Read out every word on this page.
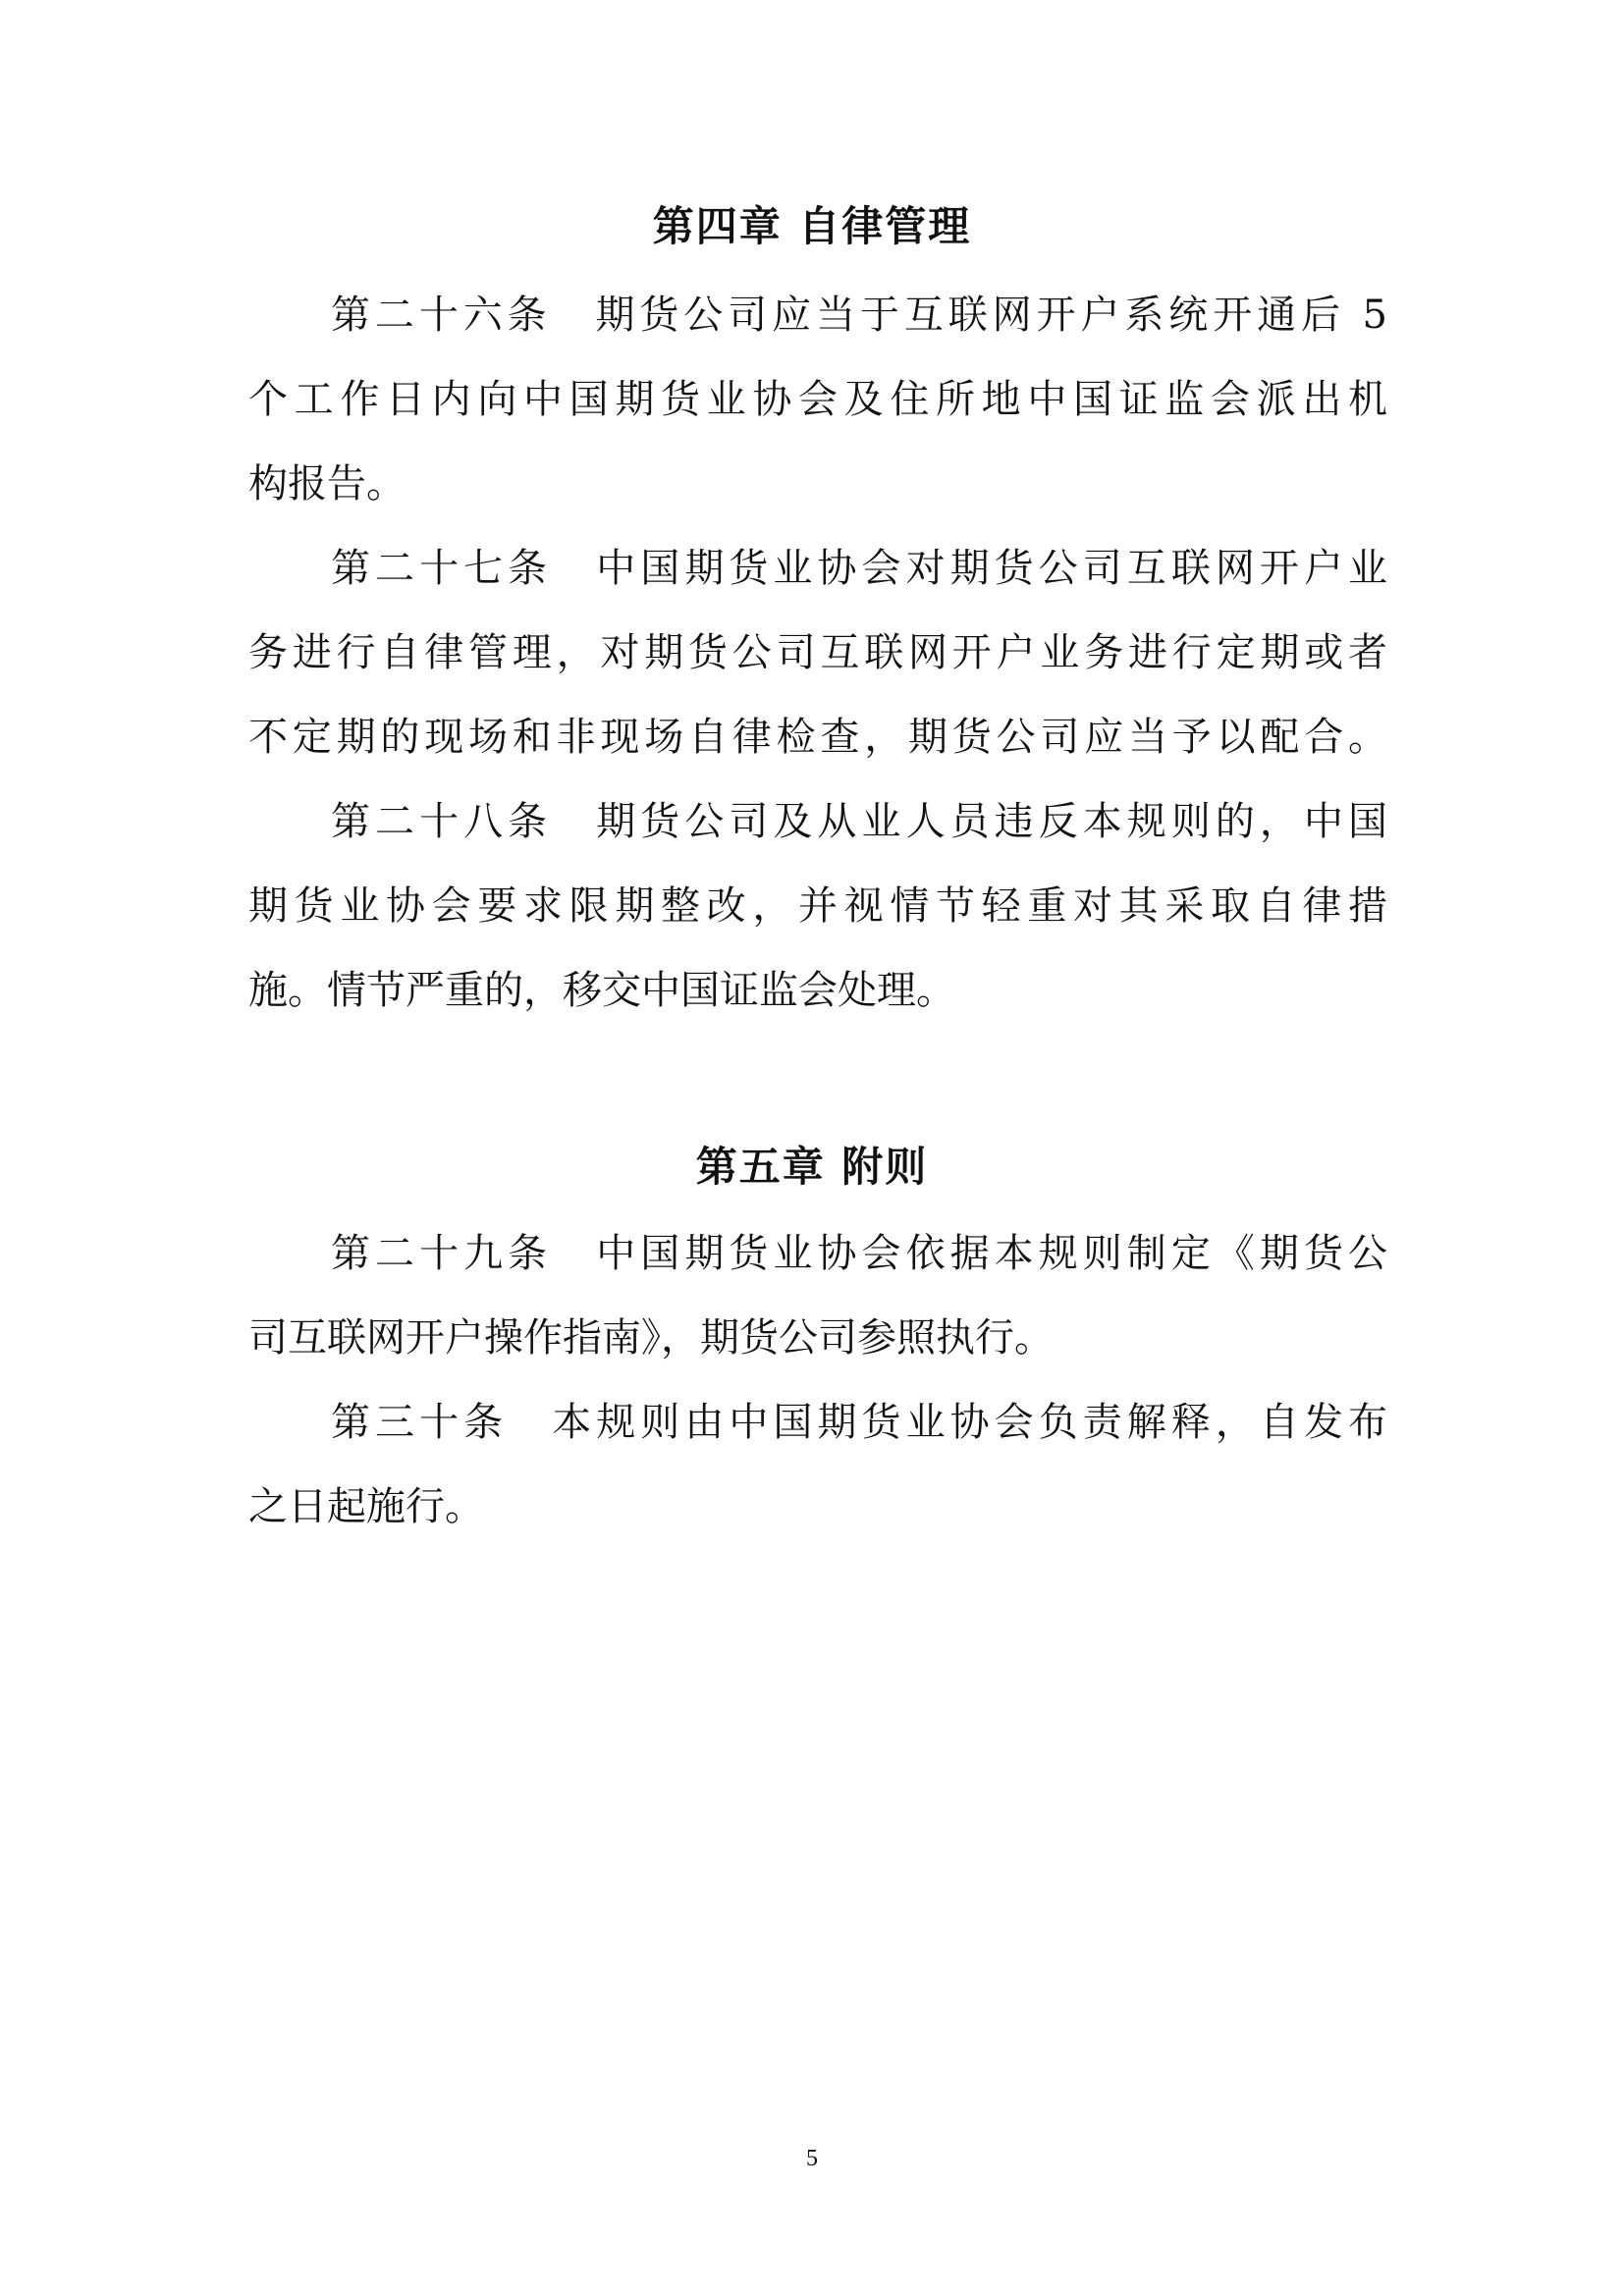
第四章 自律管理
第二十六条　期货公司应当于互联网开户系统开通后 5
个工作日内向中国期货业协会及住所地中国证监会派出机
构报告。
第二十七条　中国期货业协会对期货公司互联网开户业
务进行自律管理，对期货公司互联网开户业务进行定期或者
不定期的现场和非现场自律检查，期货公司应当予以配合。
第二十八条　期货公司及从业人员违反本规则的，中国
期货业协会要求限期整改，并视情节轻重对其采取自律措
施。情节严重的，移交中国证监会处理。
第五章 附则
第二十九条　中国期货业协会依据本规则制定《期货公
司互联网开户操作指南》，期货公司参照执行。
第三十条　本规则由中国期货业协会负责解释，自发布
之日起施行。
5
